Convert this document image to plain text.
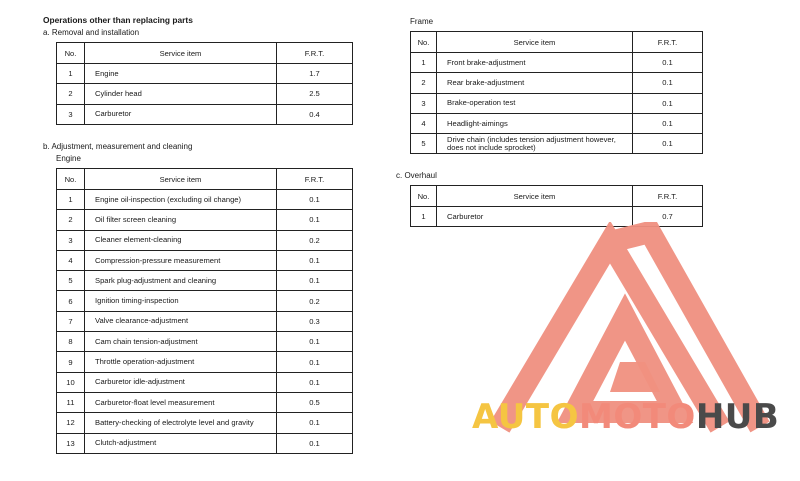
Operations other than replacing parts
a. Removal and installation
No.	Service item	F.R.T.
1	Engine	1.7
2	Cylinder head	2.5
3	Carburetor	0.4
b. Adjustment, measurement and cleaning
Engine
No.	Service item	F.R.T.
1	Engine oil-inspection (excluding oil change)	0.1
2	Oil filter screen cleaning	0.1
3	Cleaner element-cleaning	0.2
4	Compression-pressure measurement	0.1
5	Spark plug-adjustment and cleaning	0.1
6	Ignition timing-inspection	0.2
7	Valve clearance-adjustment	0.3
8	Cam chain tension-adjustment	0.1
9	Throttle operation-adjustment	0.1
10	Carburetor idle-adjustment	0.1
11	Carburetor-float level measurement	0.5
12	Battery-checking of electrolyte level and gravity	0.1
13	Clutch-adjustment	0.1
Frame
No.	Service item	F.R.T.
1	Front brake-adjustment	0.1
2	Rear brake-adjustment	0.1
3	Brake-operation test	0.1
4	Headlight-aimings	0.1
5	Drive chain (includes tension adjustment however, does not include sprocket)	0.1
c. Overhaul
No.	Service item	F.R.T.
1	Carburetor	0.7
AUTOMOTOHUB
